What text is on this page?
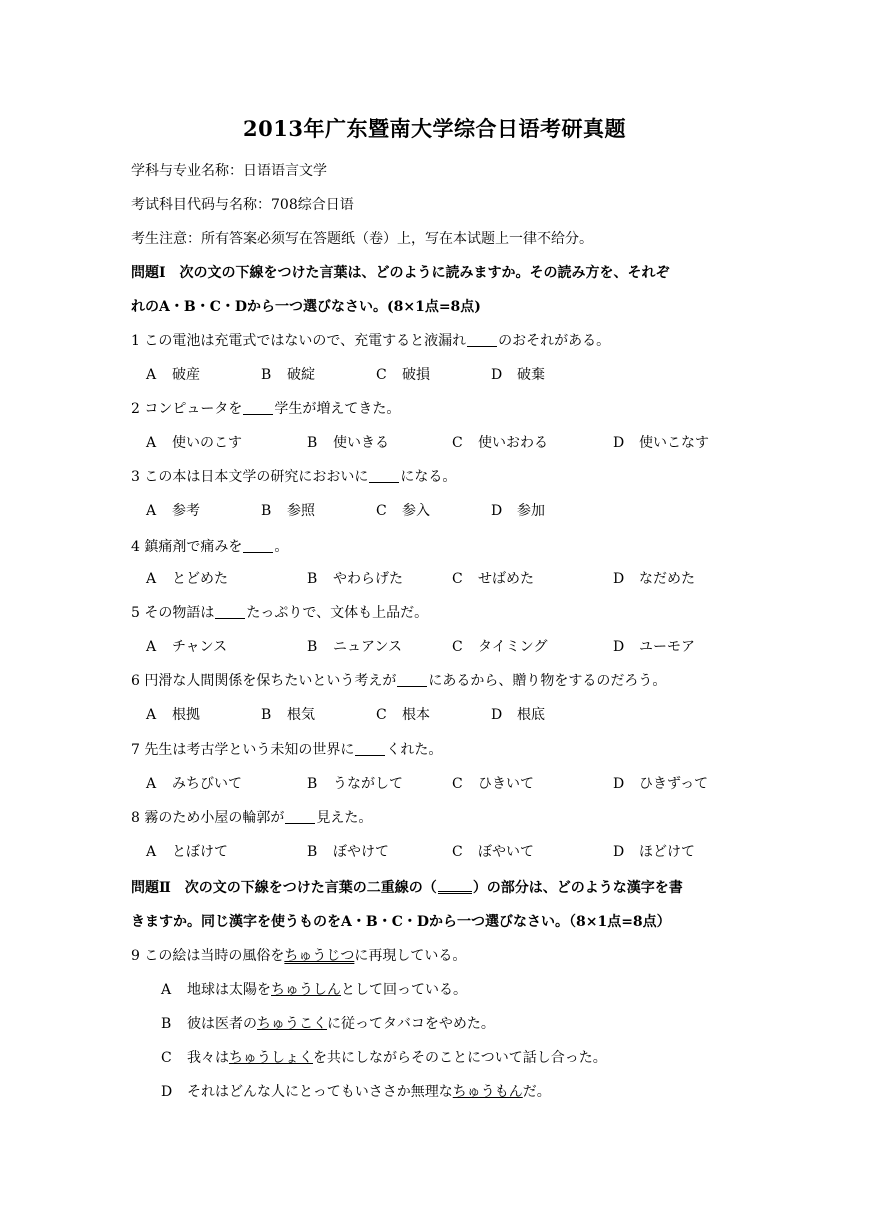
2013年广东暨南大学综合日语考研真题
学科与专业名称：日语语言文学
考试科目代码与名称：708综合日语
考生注意：所有答案必须写在答题纸（卷）上，写在本试题上一律不给分。
問題Ⅰ　次の文の下線をつけた言葉は、どのように読みますか。その読み方を、それぞ
れのA・B・C・Dから一つ選びなさい。(8×1点=8点)
1 この電池は充電式ではないので、充電すると液漏れ のおそれがある。
A 破産	B 破綻	C 破損	D 破棄
2 コンピュータを 学生が増えてきた。
A 使いのこす	B 使いきる	C 使いおわる	D 使いこなす
3 この本は日本文学の研究におおいに になる。
A 参考	B 参照	C 参入	D 参加
4 鎮痛剤で痛みを 。
A とどめた	B やわらげた	C せばめた	D なだめた
5 その物語は たっぷりで、文体も上品だ。
A チャンス	B ニュアンス	C タイミング	D ユーモア
6 円滑な人間関係を保ちたいという考えが にあるから、贈り物をするのだろう。
A 根拠	B 根気	C 根本	D 根底
7 先生は考古学という未知の世界に くれた。
A みちびいて	B うながして	C ひきいて	D ひきずって
8 霧のため小屋の輪郭が 見えた。
A とぼけて	B ぼやけて	C ぼやいて	D ほどけて
問題Ⅱ　次の文の下線をつけた言葉の二重線の（	）の部分は、どのような漢字を書
きますか。同じ漢字を使うものをA・B・C・Dから一つ選びなさい。（8×1点=8点）
9 この絵は当時の風俗をちゅうじつに再現している。
A 地球は太陽をちゅうしんとして回っている。
B 彼は医者のちゅうこくに従ってタバコをやめた。
C 我々はちゅうしょくを共にしながらそのことについて話し合った。
D それはどんな人にとってもいささか無理なちゅうもんだ。
